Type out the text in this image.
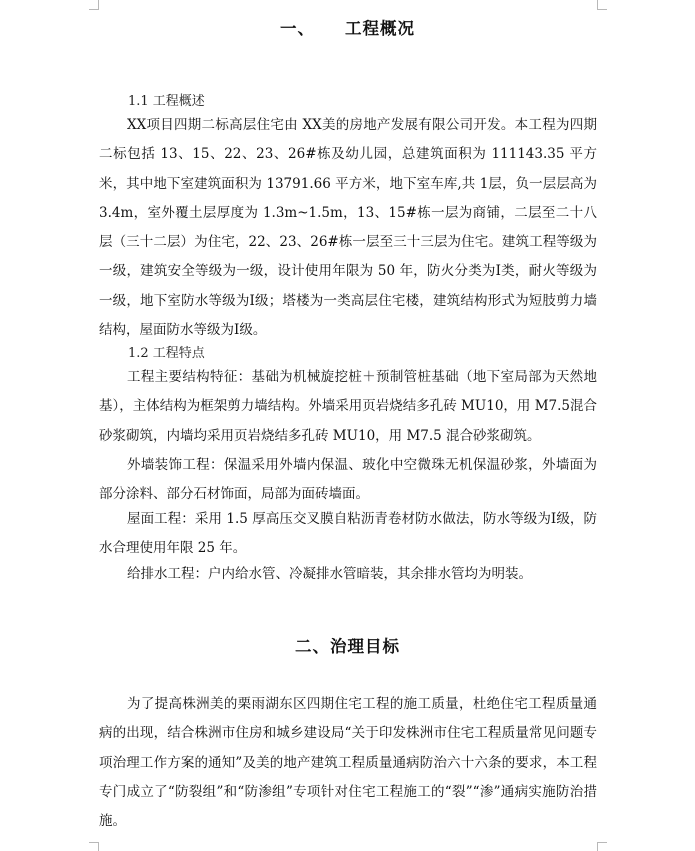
一、 工程概况
1.1 工程概述

XX项目四期二标高层住宅由 XX美的房地产发展有限公司开发。本工程为四期二标包括 13、15、22、23、26#栋及幼儿园，总建筑面积为 111143.35 平方米，其中地下室建筑面积为 13791.66 平方米，地下室车库,共 1层，负一层层高为 3.4m，室外覆土层厚度为 1.3m~1.5m，13、15#栋一层为商铺，二层至二十八层（三十二层）为住宅，22、23、26#栋一层至三十三层为住宅。建筑工程等级为一级，建筑安全等级为一级，设计使用年限为 50 年，防火分类为Ⅰ类，耐火等级为一级，地下室防水等级为Ⅰ级；塔楼为一类高层住宅楼，建筑结构形式为短肢剪力墙结构，屋面防水等级为Ⅰ级。

1.2 工程特点

工程主要结构特征：基础为机械旋挖桩＋预制管桩基础（地下室局部为天然地基），主体结构为框架剪力墙结构。外墙采用页岩烧结多孔砖 MU10，用 M7.5混合砂浆砌筑，内墙均采用页岩烧结多孔砖 MU10，用 M7.5 混合砂浆砌筑。

外墙装饰工程：保温采用外墙内保温、玻化中空微珠无机保温砂浆，外墙面为部分涂料、部分石材饰面，局部为面砖墙面。

屋面工程：采用 1.5 厚高压交叉膜自粘沥青卷材防水做法，防水等级为Ⅰ级，防水合理使用年限 25 年。

给排水工程：户内给水管、冷凝排水管暗装，其余排水管均为明装。

二、治理目标

为了提高株洲美的栗雨湖东区四期住宅工程的施工质量，杜绝住宅工程质量通病的出现，结合株洲市住房和城乡建设局“关于印发株洲市住宅工程质量常见问题专项治理工作方案的通知”及美的地产建筑工程质量通病防治六十六条的要求，本工程专门成立了“防裂组”和“防渗组”专项针对住宅工程施工的“裂”“渗”通病实施防治措施。
